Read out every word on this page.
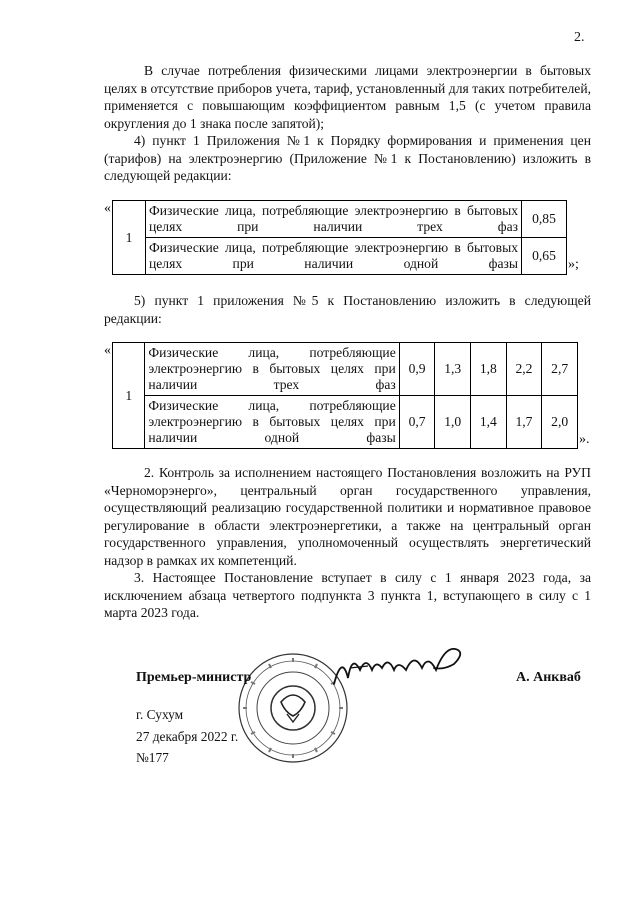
2.

В случае потребления физическими лицами электроэнергии в бытовых целях в отсутствие приборов учета, тариф, установленный для таких потребителей, применяется с повышающим коэффициентом равным 1,5 (с учетом правила округления до 1 знака после запятой);

4) пункт 1 Приложения №1 к Порядку формирования и применения цен (тарифов) на электроэнергию (Приложение №1 к Постановлению) изложить в следующей редакции:

«
1	Физические лица, потребляющие электроэнергию в бытовых целях при наличии трех фаз	0,85
	Физические лица, потребляющие электроэнергию в бытовых целях при наличии одной фазы	0,65
»;

5) пункт 1 приложения №5 к Постановлению изложить в следующей редакции:

«
1	Физические лица, потребляющие электроэнергию в бытовых целях при наличии трех фаз	0,9	1,3	1,8	2,2	2,7
	Физические лица, потребляющие электроэнергию в бытовых целях при наличии одной фазы	0,7	1,0	1,4	1,7	2,0
».

2. Контроль за исполнением настоящего Постановления возложить на РУП «Черноморэнерго», центральный орган государственного управления, осуществляющий реализацию государственной политики и нормативное правовое регулирование в области электроэнергетики, а также на центральный орган государственного управления, уполномоченный осуществлять энергетический надзор в рамках их компетенций.

3. Настоящее Постановление вступает в силу с 1 января 2023 года, за исключением абзаца четвертого подпункта 3 пункта 1, вступающего в силу с 1 марта 2023 года.

Премьер-министр	А. Анкваб
г. Сухум
27 декабря 2022 г.
№177
